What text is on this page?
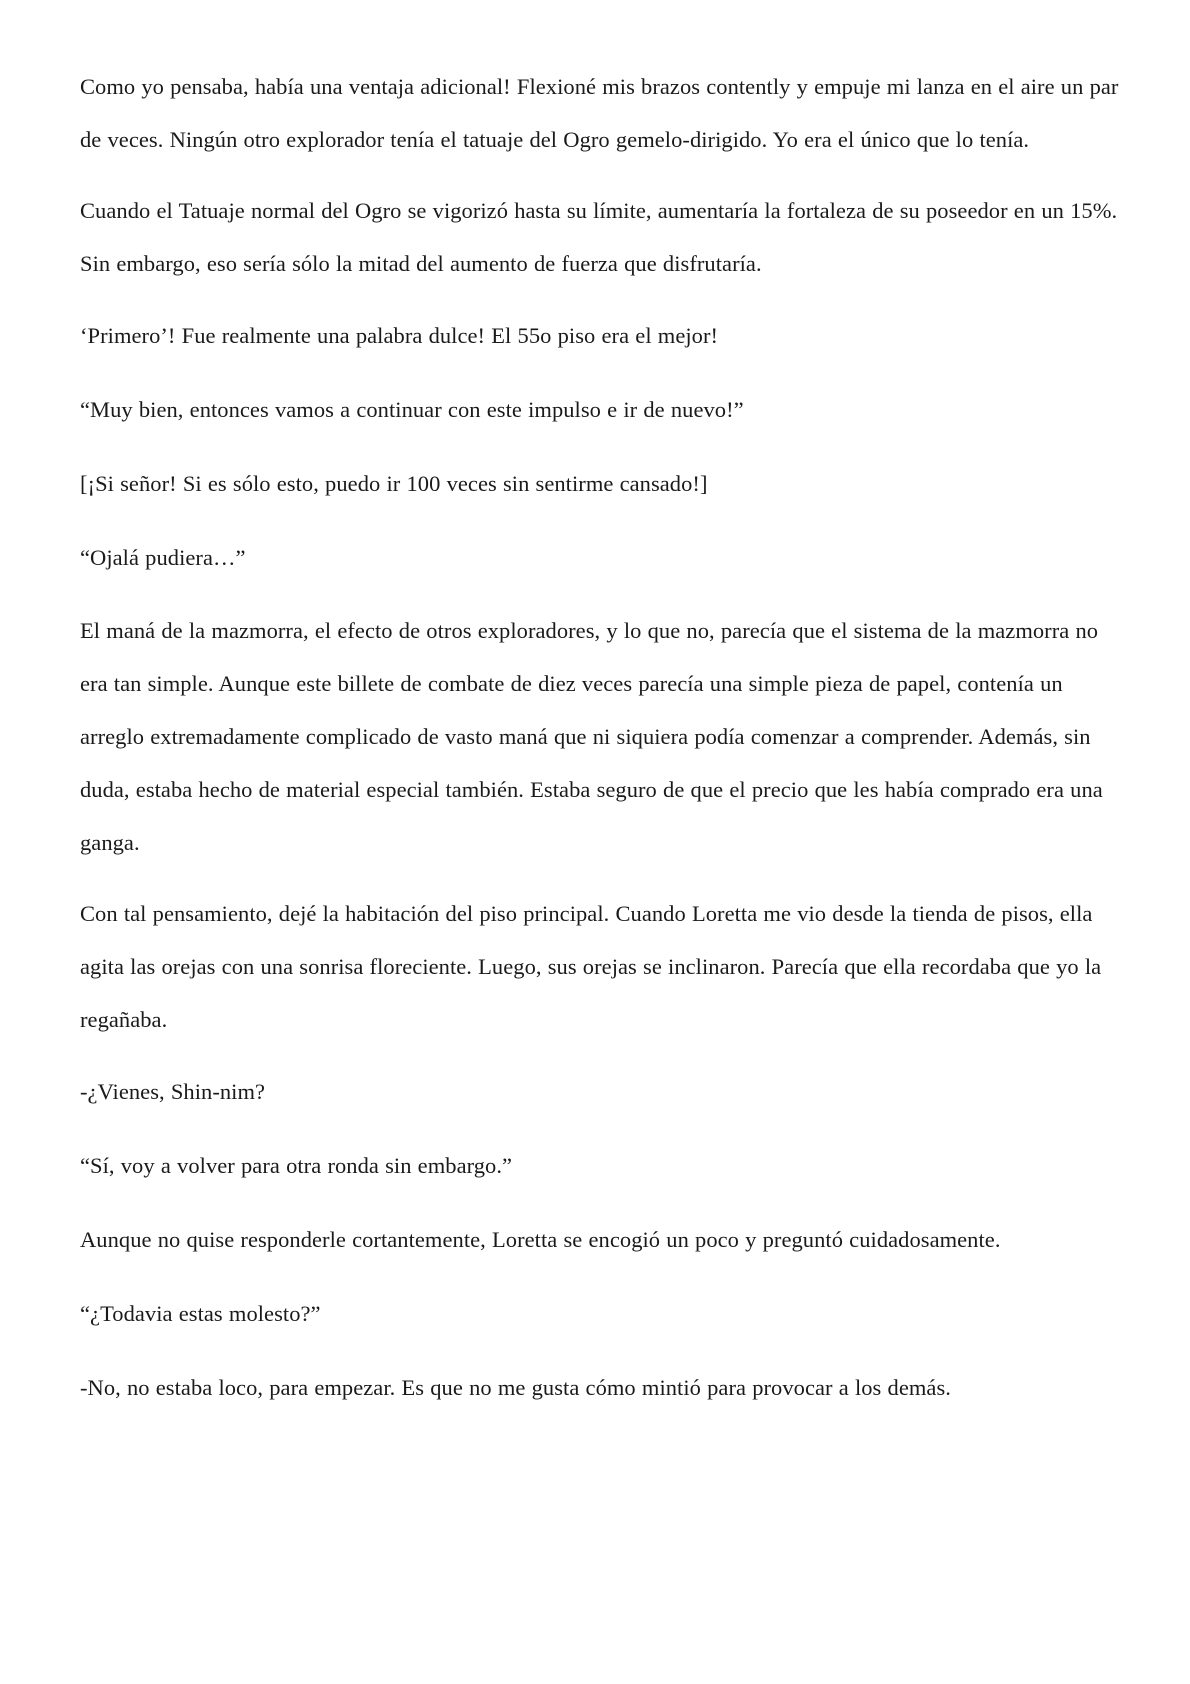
Como yo pensaba, había una ventaja adicional! Flexioné mis brazos contently y empuje mi lanza en el aire un par de veces. Ningún otro explorador tenía el tatuaje del Ogro gemelo-dirigido. Yo era el único que lo tenía.

Cuando el Tatuaje normal del Ogro se vigorizó hasta su límite, aumentaría la fortaleza de su poseedor en un 15%. Sin embargo, eso sería sólo la mitad del aumento de fuerza que disfrutaría.

‘Primero’! Fue realmente una palabra dulce! El 55o piso era el mejor!

“Muy bien, entonces vamos a continuar con este impulso e ir de nuevo!”

[¡Si señor! Si es sólo esto, puedo ir 100 veces sin sentirme cansado!]

“Ojalá pudiera…”

El maná de la mazmorra, el efecto de otros exploradores, y lo que no, parecía que el sistema de la mazmorra no era tan simple. Aunque este billete de combate de diez veces parecía una simple pieza de papel, contenía un arreglo extremadamente complicado de vasto maná que ni siquiera podía comenzar a comprender. Además, sin duda, estaba hecho de material especial también. Estaba seguro de que el precio que les había comprado era una ganga.

Con tal pensamiento, dejé la habitación del piso principal. Cuando Loretta me vio desde la tienda de pisos, ella agita las orejas con una sonrisa floreciente. Luego, sus orejas se inclinaron. Parecía que ella recordaba que yo la regañaba.

-¿Vienes, Shin-nim?

“Sí, voy a volver para otra ronda sin embargo.”

Aunque no quise responderle cortantemente, Loretta se encogió un poco y preguntó cuidadosamente.

“¿Todavia estas molesto?”

-No, no estaba loco, para empezar. Es que no me gusta cómo mintió para provocar a los demás.
